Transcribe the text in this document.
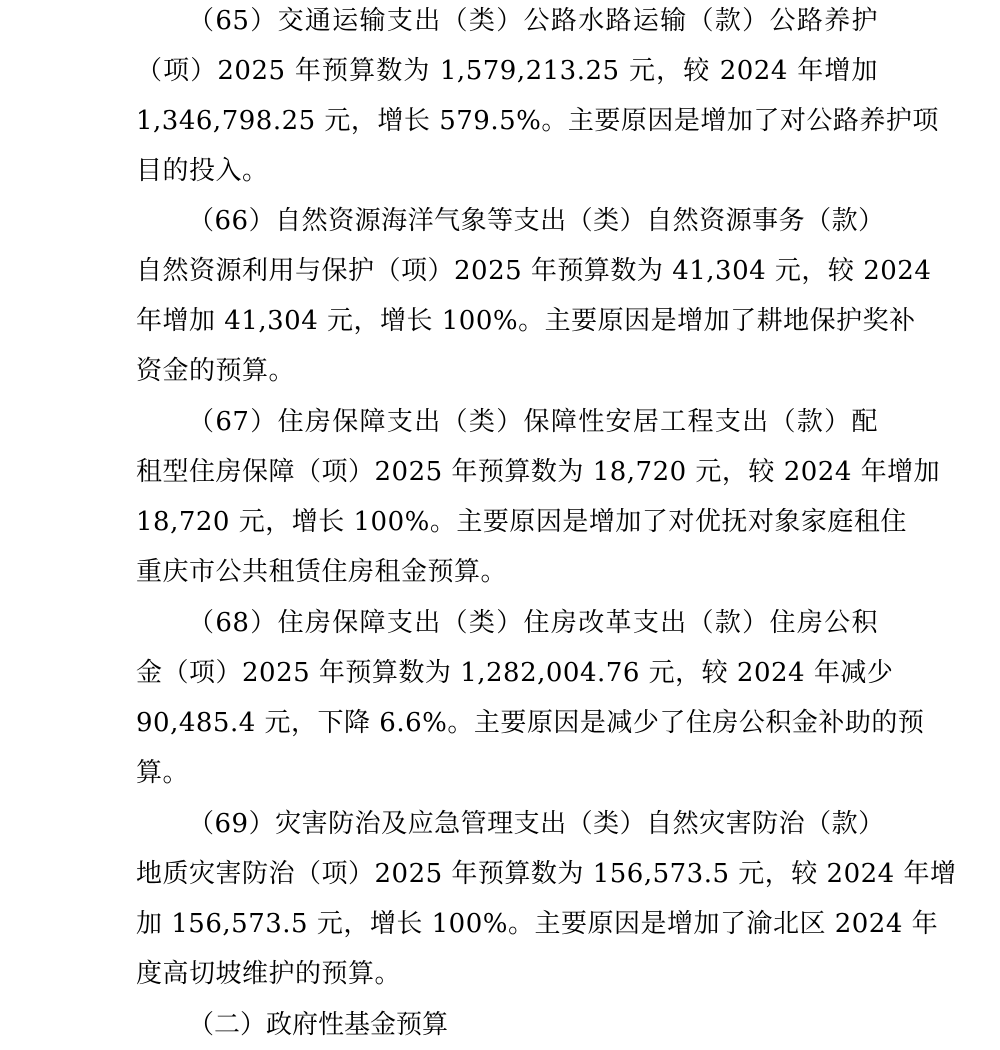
（65）交通运输支出（类）公路水路运输（款）公路养护
（项）2025 年预算数为 1,579,213.25 元，较 2024 年增加
1,346,798.25 元，增长 579.5%。主要原因是增加了对公路养护项
目的投入。
（66）自然资源海洋气象等支出（类）自然资源事务（款）
自然资源利用与保护（项）2025 年预算数为 41,304 元，较 2024
年增加 41,304 元，增长 100%。主要原因是增加了耕地保护奖补
资金的预算。
（67）住房保障支出（类）保障性安居工程支出（款）配
租型住房保障（项）2025 年预算数为 18,720 元，较 2024 年增加
18,720 元，增长 100%。主要原因是增加了对优抚对象家庭租住
重庆市公共租赁住房租金预算。
（68）住房保障支出（类）住房改革支出（款）住房公积
金（项）2025 年预算数为 1,282,004.76 元，较 2024 年减少
90,485.4 元，下降 6.6%。主要原因是减少了住房公积金补助的预
算。
（69）灾害防治及应急管理支出（类）自然灾害防治（款）
地质灾害防治（项）2025 年预算数为 156,573.5 元，较 2024 年增
加 156,573.5 元，增长 100%。主要原因是增加了渝北区 2024 年
度高切坡维护的预算。
（二）政府性基金预算
